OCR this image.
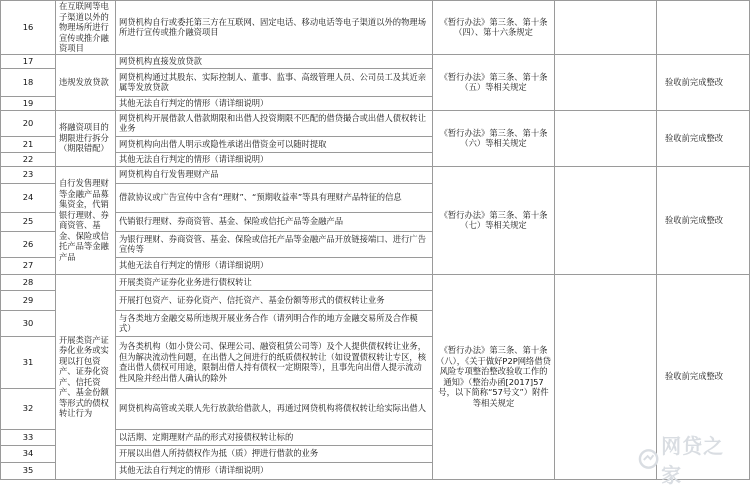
16	在互联网等电子渠道以外的物理场所进行宣传或推介融资项目	网贷机构自行或委托第三方在互联网、固定电话、移动电话等电子渠道以外的物理场所进行宣传或推介融资项目	《暂行办法》第三条、第十条（四）、第十六条规定		
17	违规发放贷款	网贷机构直接发放贷款	《暂行办法》第三条、第十条（五）等相关规定		验收前完成整改
18		网贷机构通过其股东、实际控制人、董事、监事、高级管理人员、公司员工及其近亲属等发放贷款			
19		其他无法自行判定的情形（请详细说明）			
20	将融资项目的期限进行拆分（期限错配）	网贷机构开展借款人借款期限和出借人投资期限不匹配的借贷撮合或出借人债权转让业务	《暂行办法》第三条、第十条（六）等相关规定		验收前完成整改
21		网贷机构向出借人明示或隐性承诺出借资金可以随时提取			
22		其他无法自行判定的情形（请详细说明）			
23	自行发售理财等金融产品募集资金，代销银行理财、券商资管、基金、保险或信托产品等金融产品	网贷机构自行发售理财产品	《暂行办法》第三条、第十条（七）等相关规定		验收前完成整改
24		借款协议或广告宣传中含有“理财”、“预期收益率”等具有理财产品特征的信息			
25		代销银行理财、券商资管、基金、保险或信托产品等金融产品			
26		为银行理财、券商资管、基金、保险或信托产品等金融产品开放链接端口、进行广告宣传等			
27		其他无法自行判定的情形（请详细说明）			
28	开展类资产证券化业务或实现以打包资产、证券化资产、信托资产、基金份额等形式的债权转让行为	开展类资产证券化业务进行债权转让	《暂行办法》第三条、第十条（八），《关于做好P2P网络借贷风险专项整治整改验收工作的通知》（整治办函[2017]57号，以下简称“57号文”）附件等相关规定		验收前完成整改
29		开展打包资产、证券化资产、信托资产、基金份额等形式的债权转让业务			
30		与各类地方金融交易所违规开展业务合作（请列明合作的地方金融交易所及合作模式）			
31		为各类机构（如小贷公司、保理公司、融资租赁公司等）及个人提供债权转让业务，但为解决流动性问题，在出借人之间进行的纸质债权转让（如设置债权转让专区，核查出借人债权可用途，限制出借人持有债权一定期限等），且事先向出借人提示流动性风险并经出借人确认的除外			
32		网贷机构高管或关联人先行放款给借款人，再通过网贷机构将债权转让给实际出借人			
33		以活期、定期理财产品的形式对接债权转让标的			
34		开展以出借人所持债权作为抵（质）押进行借款的业务			
35		其他无法自行判定的情形（请详细说明）			
网贷之家
